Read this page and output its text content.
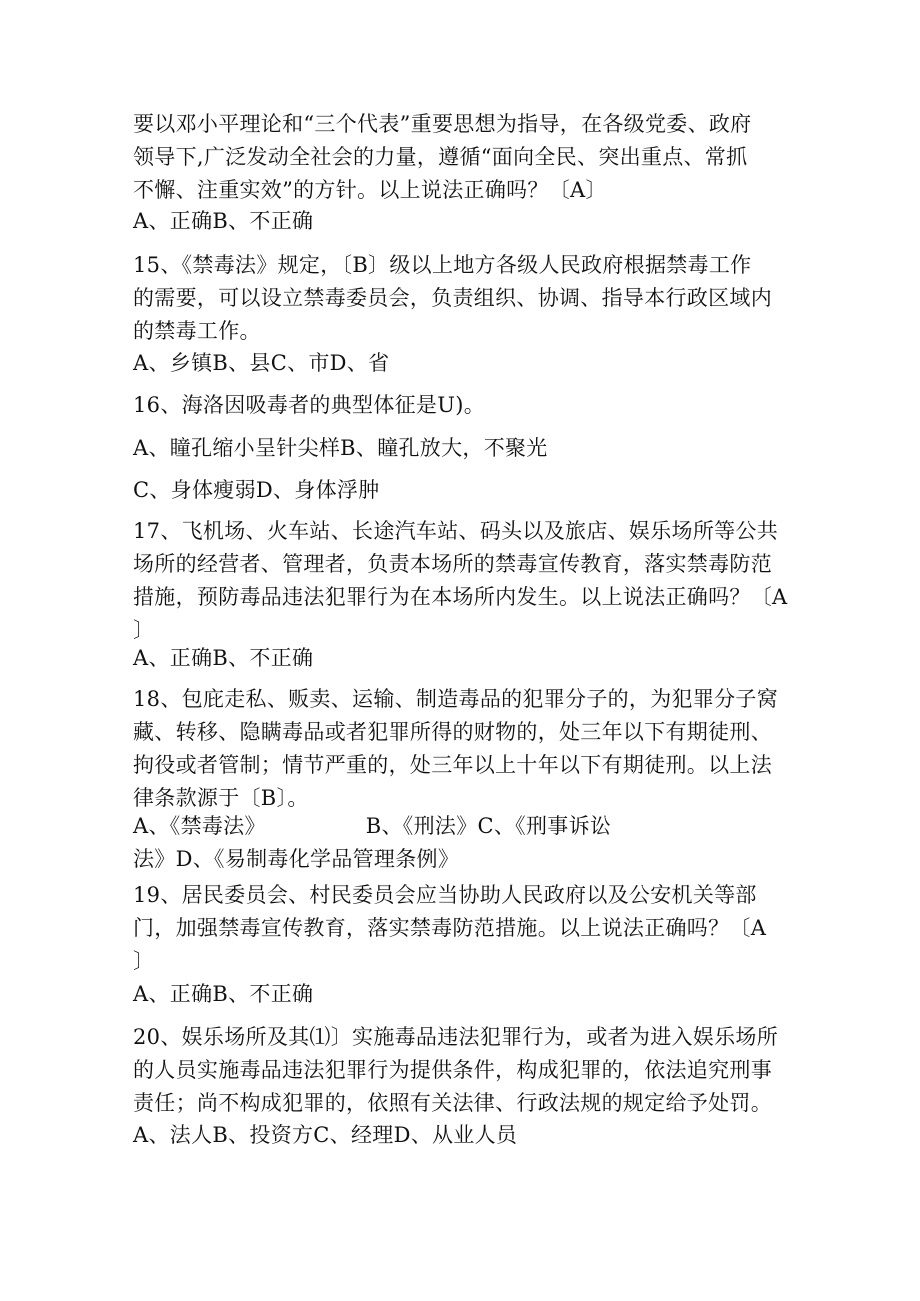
要以邓小平理论和“三个代表”重要思想为指导，在各级党委、政府
领导下,广泛发动全社会的力量，遵循“面向全民、突出重点、常抓
不懈、注重实效”的方针。以上说法正确吗？〔A〕

A、正确B、不正确

15、《禁毒法》规定，〔B〕级以上地方各级人民政府根据禁毒工作
的需要，可以设立禁毒委员会，负责组织、协调、指导本行政区域内
的禁毒工作。

A、乡镇B、县C、市D、省

16、海洛因吸毒者的典型体征是U)。

A、瞳孔缩小呈针尖样B、瞳孔放大，不聚光

C、身体瘦弱D、身体浮肿

17、飞机场、火车站、长途汽车站、码头以及旅店、娱乐场所等公共
场所的经营者、管理者，负责本场所的禁毒宣传教育，落实禁毒防范
措施，预防毒品违法犯罪行为在本场所内发生。以上说法正确吗？〔A
〕

A、正确B、不正确

18、包庇走私、贩卖、运输、制造毒品的犯罪分子的，为犯罪分子窝
藏、转移、隐瞒毒品或者犯罪所得的财物的，处三年以下有期徒刑、
拘役或者管制；情节严重的，处三年以上十年以下有期徒刑。以上法
律条款源于〔B〕。

A、《禁毒法》	B、《刑法》C、《刑事诉讼
法》D、《易制毒化学品管理条例》

19、居民委员会、村民委员会应当协助人民政府以及公安机关等部
门，加强禁毒宣传教育，落实禁毒防范措施。以上说法正确吗？〔A
〕

A、正确B、不正确

20、娱乐场所及其⑴〕实施毒品违法犯罪行为，或者为进入娱乐场所
的人员实施毒品违法犯罪行为提供条件，构成犯罪的，依法追究刑事
责任；尚不构成犯罪的，依照有关法律、行政法规的规定给予处罚。

A、法人B、投资方C、经理D、从业人员
